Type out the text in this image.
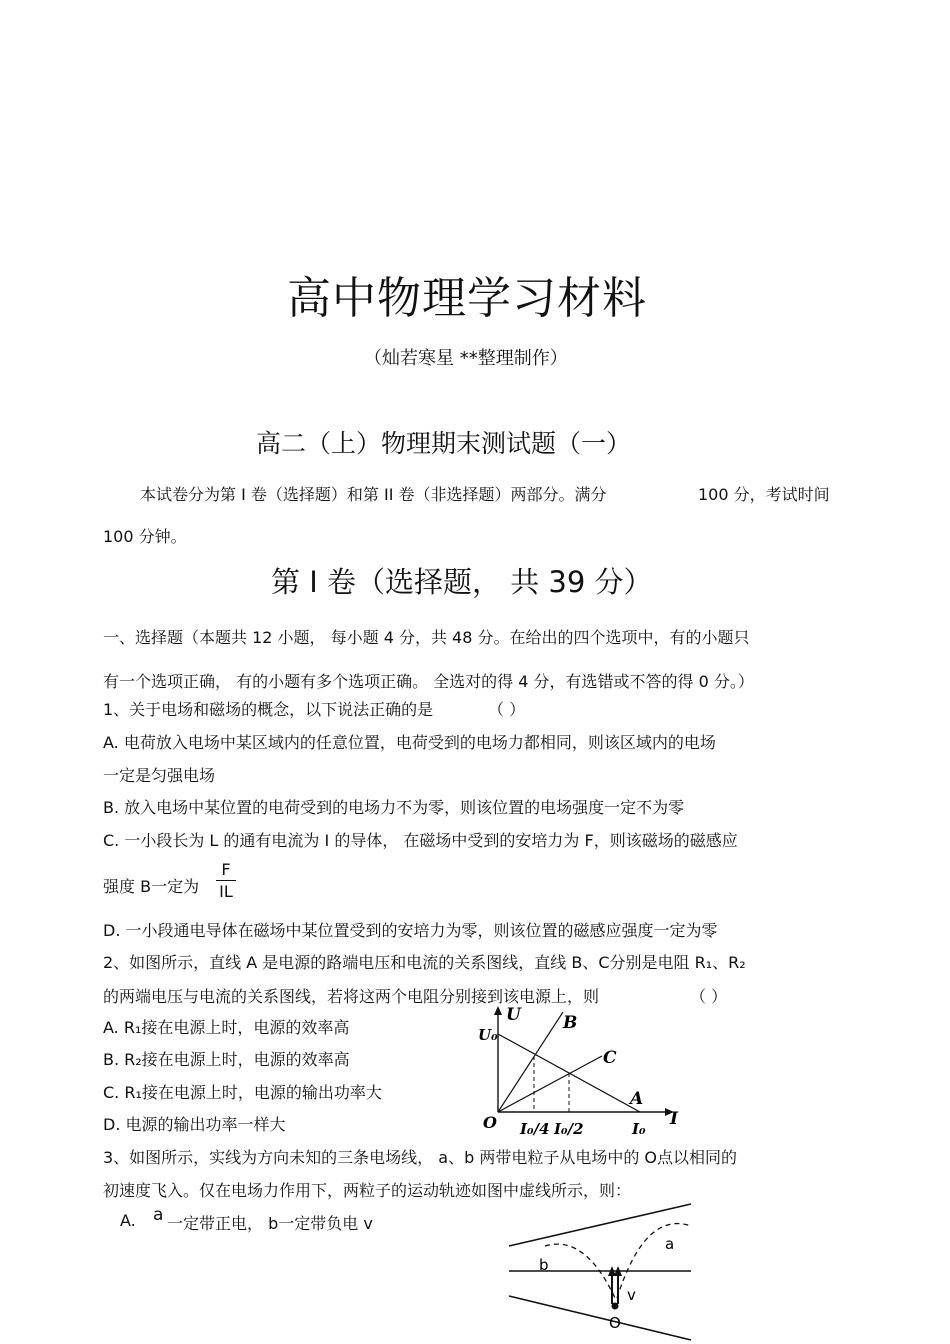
高中物理学习材料
（灿若寒星 **整理制作）
高二（上）物理期末测试题（一）
本试卷分为第 I 卷（选择题）和第 II 卷（非选择题）两部分。满分	100 分，考试时间
100 分钟。
第 I 卷（选择题， 共 39 分）
一、选择题（本题共 12 小题， 每小题 4 分，共 48 分。在给出的四个选项中，有的小题只
有一个选项正确， 有的小题有多个选项正确。 全选对的得 4 分，有选错或不答的得 0 分。）
1、关于电场和磁场的概念，以下说法正确的是	（ ）
A. 电荷放入电场中某区域内的任意位置，电荷受到的电场力都相同，则该区域内的电场
一定是匀强电场
B. 放入电场中某位置的电荷受到的电场力不为零，则该位置的电场强度一定不为零
C. 一小段长为 L 的通有电流为 I 的导体， 在磁场中受到的安培力为 F，则该磁场的磁感应
强度 B一定为
F
IL
D. 一小段通电导体在磁场中某位置受到的安培力为零，则该位置的磁感应强度一定为零
2、如图所示，直线 A 是电源的路端电压和电流的关系图线，直线 B、C分别是电阻 R₁、R₂
的两端电压与电流的关系图线，若将这两个电阻分别接到该电源上，则	（ ）
A. R₁接在电源上时，电源的效率高
B. R₂接在电源上时，电源的效率高
C. R₁接在电源上时，电源的输出功率大
D. 电源的输出功率一样大
U
U₀
B
C
A
I
O I₀/4 I₀/2	I₀
3、如图所示，实线为方向未知的三条电场线， a、b 两带电粒子从电场中的 O点以相同的
初速度飞入。仅在电场力作用下，两粒子的运动轨迹如图中虚线所示，则：
A. a 一定带正电， b一定带负电 v
a
b
v
O
